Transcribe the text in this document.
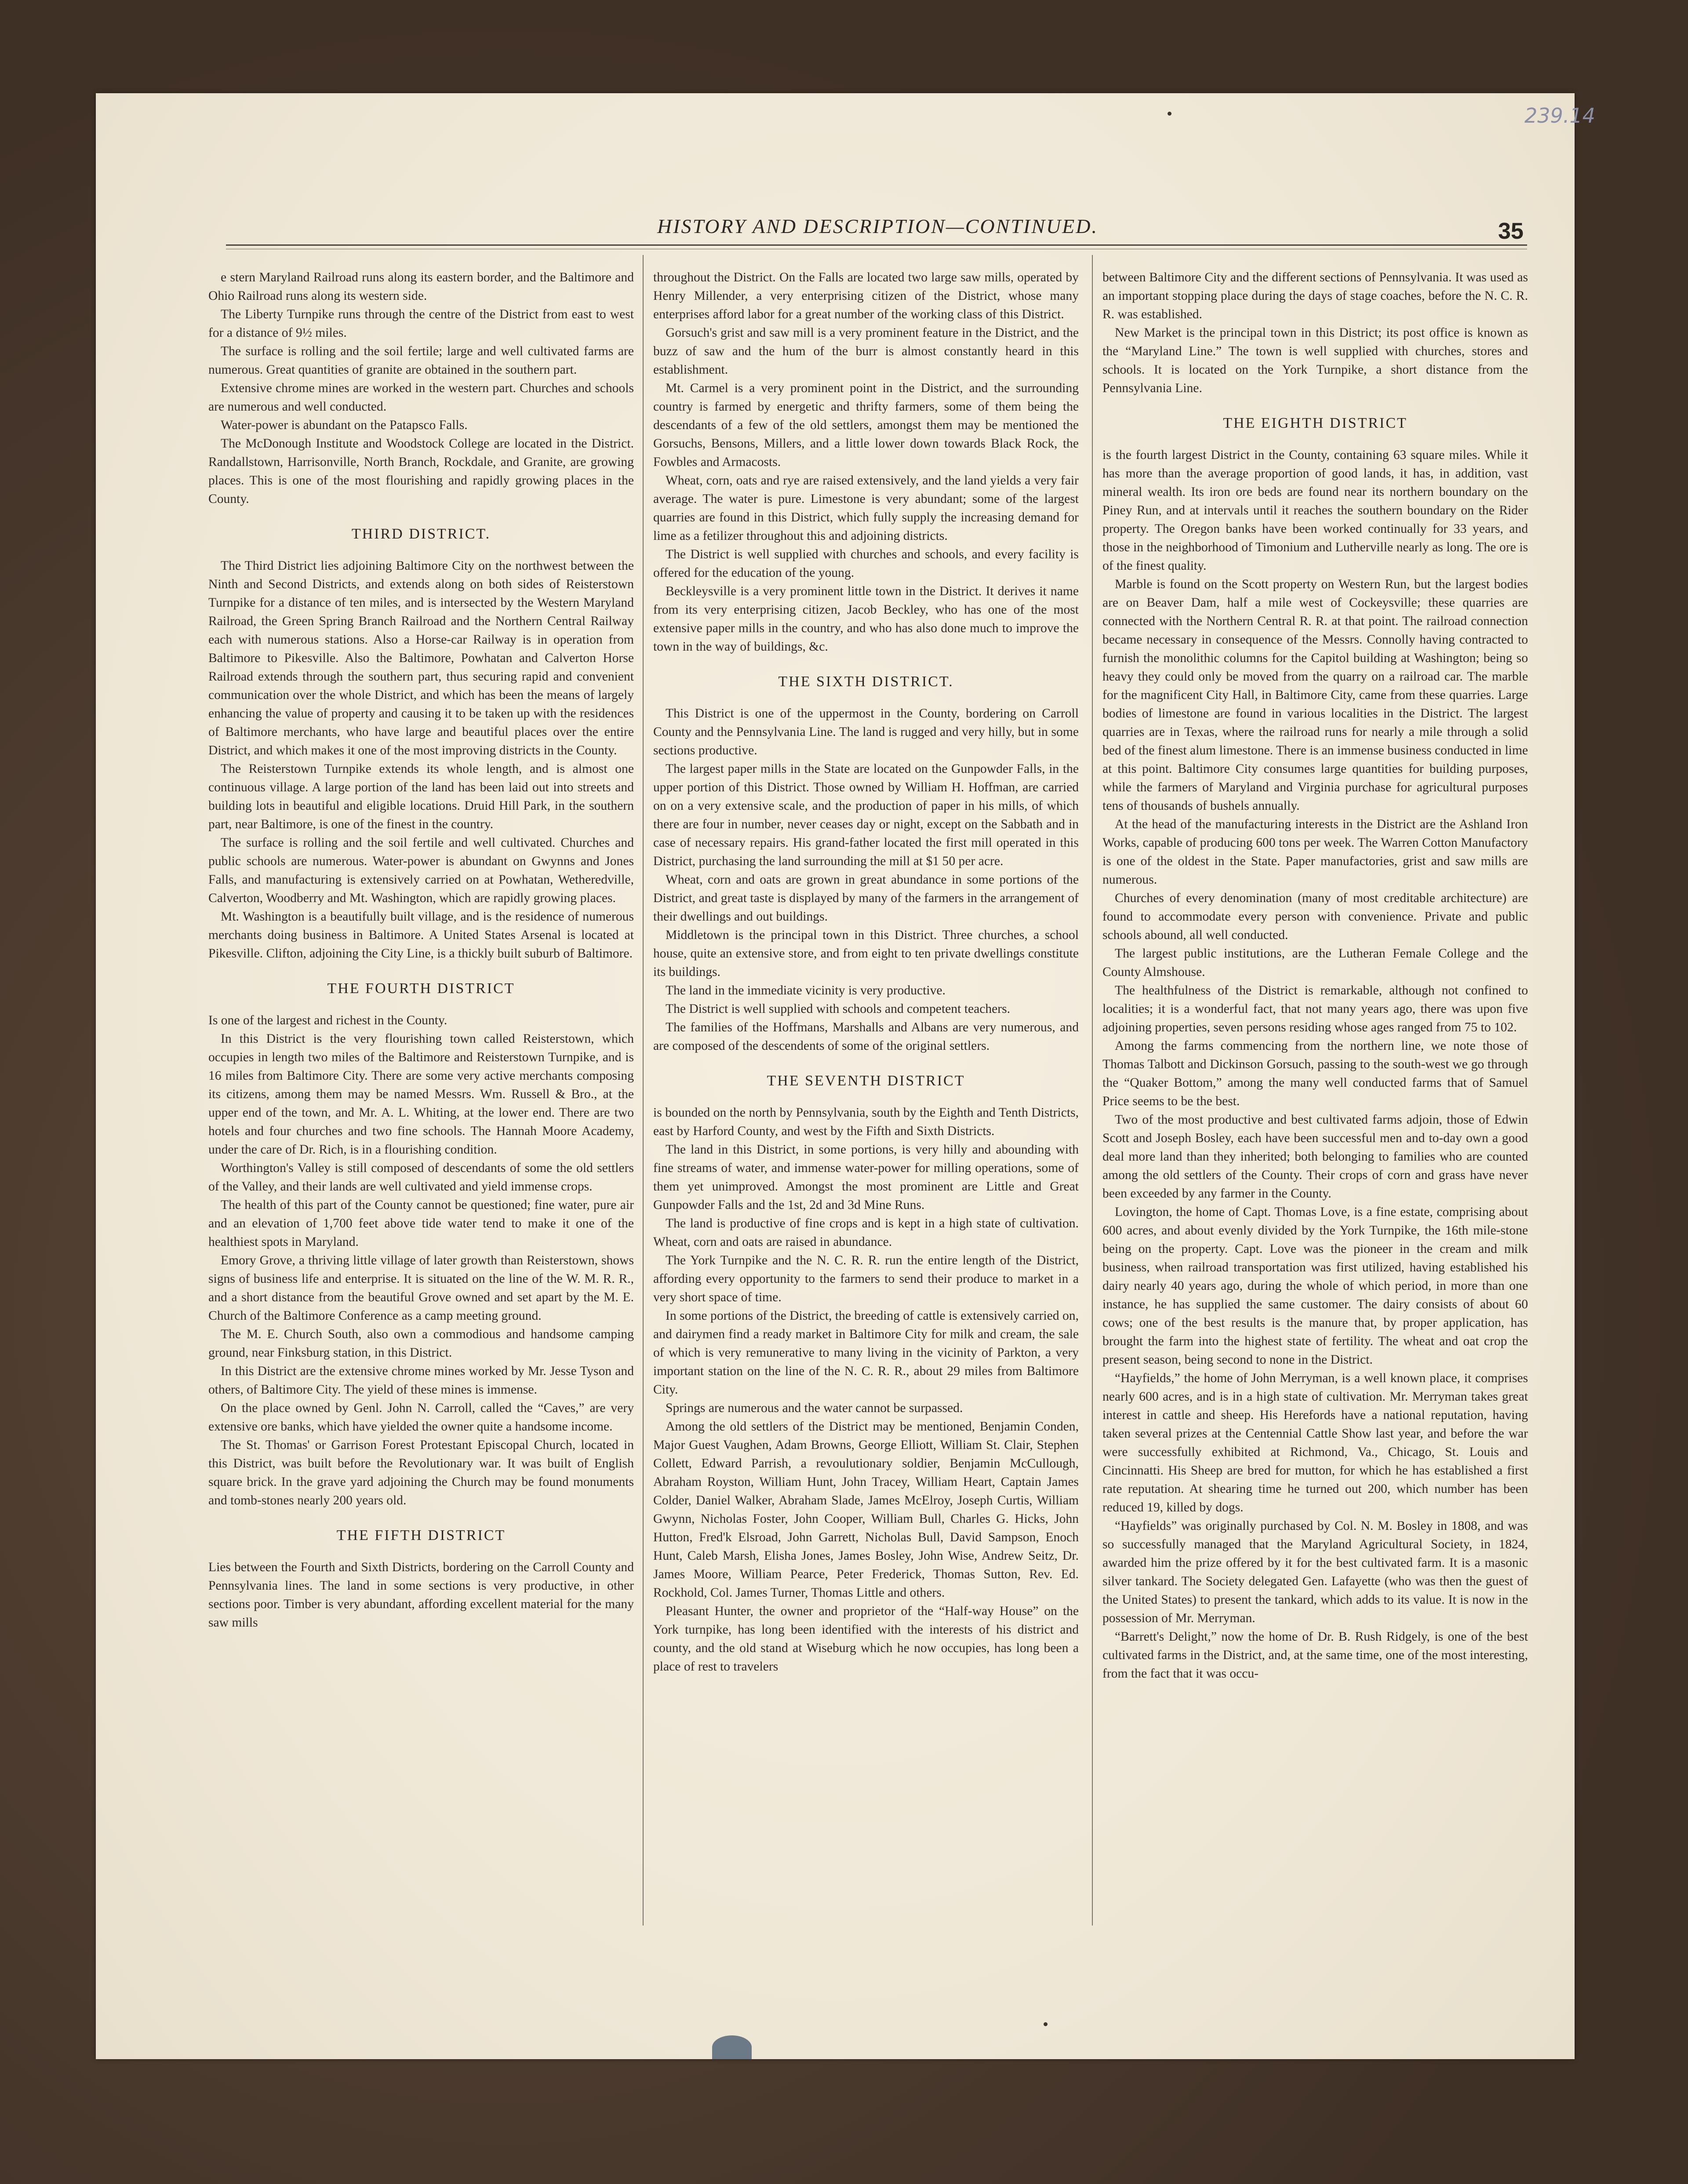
239.14
HISTORY AND DESCRIPTION—CONTINUED.	35

e stern Maryland Railroad runs along its eastern border, and the Baltimore and Ohio Railroad runs along its western side.

The Liberty Turnpike runs through the centre of the District from east to west for a distance of 9½ miles.

The surface is rolling and the soil fertile; large and well cultivated farms are numerous. Great quantities of granite are obtained in the southern part.

Extensive chrome mines are worked in the western part. Churches and schools are numerous and well conducted.

Water-power is abundant on the Patapsco Falls.

The McDonough Institute and Woodstock College are located in the District. Randallstown, Harrisonville, North Branch, Rockdale, and Granite, are growing places. This is one of the most flourishing and rapidly growing places in the County.

THIRD DISTRICT.

The Third District lies adjoining Baltimore City on the northwest between the Ninth and Second Districts, and extends along on both sides of Reisterstown Turnpike for a distance of ten miles, and is intersected by the Western Maryland Railroad, the Green Spring Branch Railroad and the Northern Central Railway each with numerous stations. Also a Horse-car Railway is in operation from Baltimore to Pikesville. Also the Baltimore, Powhatan and Calverton Horse Railroad extends through the southern part, thus securing rapid and convenient communication over the whole District, and which has been the means of largely enhancing the value of property and causing it to be taken up with the residences of Baltimore merchants, who have large and beautiful places over the entire District, and which makes it one of the most improving districts in the County.

The Reisterstown Turnpike extends its whole length, and is almost one continuous village. A large portion of the land has been laid out into streets and building lots in beautiful and eligible locations. Druid Hill Park, in the southern part, near Baltimore, is one of the finest in the country.

The surface is rolling and the soil fertile and well cultivated. Churches and public schools are numerous. Water-power is abundant on Gwynns and Jones Falls, and manufacturing is extensively carried on at Powhatan, Wetheredville, Calverton, Woodberry and Mt. Washington, which are rapidly growing places.

Mt. Washington is a beautifully built village, and is the residence of numerous merchants doing business in Baltimore. A United States Arsenal is located at Pikesville. Clifton, adjoining the City Line, is a thickly built suburb of Baltimore.

THE FOURTH DISTRICT

Is one of the largest and richest in the County.

In this District is the very flourishing town called Reisterstown, which occupies in length two miles of the Baltimore and Reisterstown Turnpike, and is 16 miles from Baltimore City. There are some very active merchants composing its citizens, among them may be named Messrs. Wm. Russell & Bro., at the upper end of the town, and Mr. A. L. Whiting, at the lower end. There are two hotels and four churches and two fine schools. The Hannah Moore Academy, under the care of Dr. Rich, is in a flourishing condition.

Worthington's Valley is still composed of descendants of some the old settlers of the Valley, and their lands are well cultivated and yield immense crops.

The health of this part of the County cannot be questioned; fine water, pure air and an elevation of 1,700 feet above tide water tend to make it one of the healthiest spots in Maryland.

Emory Grove, a thriving little village of later growth than Reisterstown, shows signs of business life and enterprise. It is situated on the line of the W. M. R. R., and a short distance from the beautiful Grove owned and set apart by the M. E. Church of the Baltimore Conference as a camp meeting ground.

The M. E. Church South, also own a commodious and handsome camping ground, near Finksburg station, in this District.

In this District are the extensive chrome mines worked by Mr. Jesse Tyson and others, of Baltimore City. The yield of these mines is immense.

On the place owned by Genl. John N. Carroll, called the “Caves,” are very extensive ore banks, which have yielded the owner quite a handsome income.

The St. Thomas' or Garrison Forest Protestant Episcopal Church, located in this District, was built before the Revolutionary war. It was built of English square brick. In the grave yard adjoining the Church may be found monuments and tomb-stones nearly 200 years old.

THE FIFTH DISTRICT

Lies between the Fourth and Sixth Districts, bordering on the Carroll County and Pennsylvania lines. The land in some sections is very productive, in other sections poor. Timber is very abundant, affording excellent material for the many saw mills

throughout the District. On the Falls are located two large saw mills, operated by Henry Millender, a very enterprising citizen of the District, whose many enterprises afford labor for a great number of the working class of this District.

Gorsuch's grist and saw mill is a very prominent feature in the District, and the buzz of saw and the hum of the burr is almost constantly heard in this establishment.

Mt. Carmel is a very prominent point in the District, and the surrounding country is farmed by energetic and thrifty farmers, some of them being the descendants of a few of the old settlers, amongst them may be mentioned the Gorsuchs, Bensons, Millers, and a little lower down towards Black Rock, the Fowbles and Armacosts.

Wheat, corn, oats and rye are raised extensively, and the land yields a very fair average. The water is pure. Limestone is very abundant; some of the largest quarries are found in this District, which fully supply the increasing demand for lime as a fetilizer throughout this and adjoining districts.

The District is well supplied with churches and schools, and every facility is offered for the education of the young.

Beckleysville is a very prominent little town in the District. It derives it name from its very enterprising citizen, Jacob Beckley, who has one of the most extensive paper mills in the country, and who has also done much to improve the town in the way of buildings, &c.

THE SIXTH DISTRICT.

This District is one of the uppermost in the County, bordering on Carroll County and the Pennsylvania Line. The land is rugged and very hilly, but in some sections productive.

The largest paper mills in the State are located on the Gunpowder Falls, in the upper portion of this District. Those owned by William H. Hoffman, are carried on on a very extensive scale, and the production of paper in his mills, of which there are four in number, never ceases day or night, except on the Sabbath and in case of necessary repairs. His grand-father located the first mill operated in this District, purchasing the land surrounding the mill at $1 50 per acre.

Wheat, corn and oats are grown in great abundance in some portions of the District, and great taste is displayed by many of the farmers in the arrangement of their dwellings and out buildings.

Middletown is the principal town in this District. Three churches, a school house, quite an extensive store, and from eight to ten private dwellings constitute its buildings.

The land in the immediate vicinity is very productive.

The District is well supplied with schools and competent teachers.

The families of the Hoffmans, Marshalls and Albans are very numerous, and are composed of the descendents of some of the original settlers.

THE SEVENTH DISTRICT

is bounded on the north by Pennsylvania, south by the Eighth and Tenth Districts, east by Harford County, and west by the Fifth and Sixth Districts.

The land in this District, in some portions, is very hilly and abounding with fine streams of water, and immense water-power for milling operations, some of them yet unimproved. Amongst the most prominent are Little and Great Gunpowder Falls and the 1st, 2d and 3d Mine Runs.

The land is productive of fine crops and is kept in a high state of cultivation. Wheat, corn and oats are raised in abundance.

The York Turnpike and the N. C. R. R. run the entire length of the District, affording every opportunity to the farmers to send their produce to market in a very short space of time.

In some portions of the District, the breeding of cattle is extensively carried on, and dairymen find a ready market in Baltimore City for milk and cream, the sale of which is very remunerative to many living in the vicinity of Parkton, a very important station on the line of the N. C. R. R., about 29 miles from Baltimore City.

Springs are numerous and the water cannot be surpassed.

Among the old settlers of the District may be mentioned, Benjamin Conden, Major Guest Vaughen, Adam Browns, George Elliott, William St. Clair, Stephen Collett, Edward Parrish, a revoulutionary soldier, Benjamin McCullough, Abraham Royston, William Hunt, John Tracey, William Heart, Captain James Colder, Daniel Walker, Abraham Slade, James McElroy, Joseph Curtis, William Gwynn, Nicholas Foster, John Cooper, William Bull, Charles G. Hicks, John Hutton, Fred'k Elsroad, John Garrett, Nicholas Bull, David Sampson, Enoch Hunt, Caleb Marsh, Elisha Jones, James Bosley, John Wise, Andrew Seitz, Dr. James Moore, William Pearce, Peter Frederick, Thomas Sutton, Rev. Ed. Rockhold, Col. James Turner, Thomas Little and others.

Pleasant Hunter, the owner and proprietor of the “Half-way House” on the York turnpike, has long been identified with the interests of his district and county, and the old stand at Wiseburg which he now occupies, has long been a place of rest to travelers

between Baltimore City and the different sections of Pennsylvania. It was used as an important stopping place during the days of stage coaches, before the N. C. R. R. was established.

New Market is the principal town in this District; its post office is known as the “Maryland Line.” The town is well supplied with churches, stores and schools. It is located on the York Turnpike, a short distance from the Pennsylvania Line.

THE EIGHTH DISTRICT

is the fourth largest District in the County, containing 63 square miles. While it has more than the average proportion of good lands, it has, in addition, vast mineral wealth. Its iron ore beds are found near its northern boundary on the Piney Run, and at intervals until it reaches the southern boundary on the Rider property. The Oregon banks have been worked continually for 33 years, and those in the neighborhood of Timonium and Lutherville nearly as long. The ore is of the finest quality.

Marble is found on the Scott property on Western Run, but the largest bodies are on Beaver Dam, half a mile west of Cockeysville; these quarries are connected with the Northern Central R. R. at that point. The railroad connection became necessary in consequence of the Messrs. Connolly having contracted to furnish the monolithic columns for the Capitol building at Washington; being so heavy they could only be moved from the quarry on a railroad car. The marble for the magnificent City Hall, in Baltimore City, came from these quarries. Large bodies of limestone are found in various localities in the District. The largest quarries are in Texas, where the railroad runs for nearly a mile through a solid bed of the finest alum limestone. There is an immense business conducted in lime at this point. Baltimore City consumes large quantities for building purposes, while the farmers of Maryland and Virginia purchase for agricultural purposes tens of thousands of bushels annually.

At the head of the manufacturing interests in the District are the Ashland Iron Works, capable of producing 600 tons per week. The Warren Cotton Manufactory is one of the oldest in the State. Paper manufactories, grist and saw mills are numerous.

Churches of every denomination (many of most creditable architecture) are found to accommodate every person with convenience. Private and public schools abound, all well conducted.

The largest public institutions, are the Lutheran Female College and the County Almshouse.

The healthfulness of the District is remarkable, although not confined to localities; it is a wonderful fact, that not many years ago, there was upon five adjoining properties, seven persons residing whose ages ranged from 75 to 102.

Among the farms commencing from the northern line, we note those of Thomas Talbott and Dickinson Gorsuch, passing to the south-west we go through the “Quaker Bottom,” among the many well conducted farms that of Samuel Price seems to be the best.

Two of the most productive and best cultivated farms adjoin, those of Edwin Scott and Joseph Bosley, each have been successful men and to-day own a good deal more land than they inherited; both belonging to families who are counted among the old settlers of the County. Their crops of corn and grass have never been exceeded by any farmer in the County.

Lovington, the home of Capt. Thomas Love, is a fine estate, comprising about 600 acres, and about evenly divided by the York Turnpike, the 16th mile-stone being on the property. Capt. Love was the pioneer in the cream and milk business, when railroad transportation was first utilized, having established his dairy nearly 40 years ago, during the whole of which period, in more than one instance, he has supplied the same customer. The dairy consists of about 60 cows; one of the best results is the manure that, by proper application, has brought the farm into the highest state of fertility. The wheat and oat crop the present season, being second to none in the District.

“Hayfields,” the home of John Merryman, is a well known place, it comprises nearly 600 acres, and is in a high state of cultivation. Mr. Merryman takes great interest in cattle and sheep. His Herefords have a national reputation, having taken several prizes at the Centennial Cattle Show last year, and before the war were successfully exhibited at Richmond, Va., Chicago, St. Louis and Cincinnatti. His Sheep are bred for mutton, for which he has established a first rate reputation. At shearing time he turned out 200, which number has been reduced 19, killed by dogs.

“Hayfields” was originally purchased by Col. N. M. Bosley in 1808, and was so successfully managed that the Maryland Agricultural Society, in 1824, awarded him the prize offered by it for the best cultivated farm. It is a masonic silver tankard. The Society delegated Gen. Lafayette (who was then the guest of the United States) to present the tankard, which adds to its value. It is now in the possession of Mr. Merryman.

“Barrett's Delight,” now the home of Dr. B. Rush Ridgely, is one of the best cultivated farms in the District, and, at the same time, one of the most interesting, from the fact that it was occu-
